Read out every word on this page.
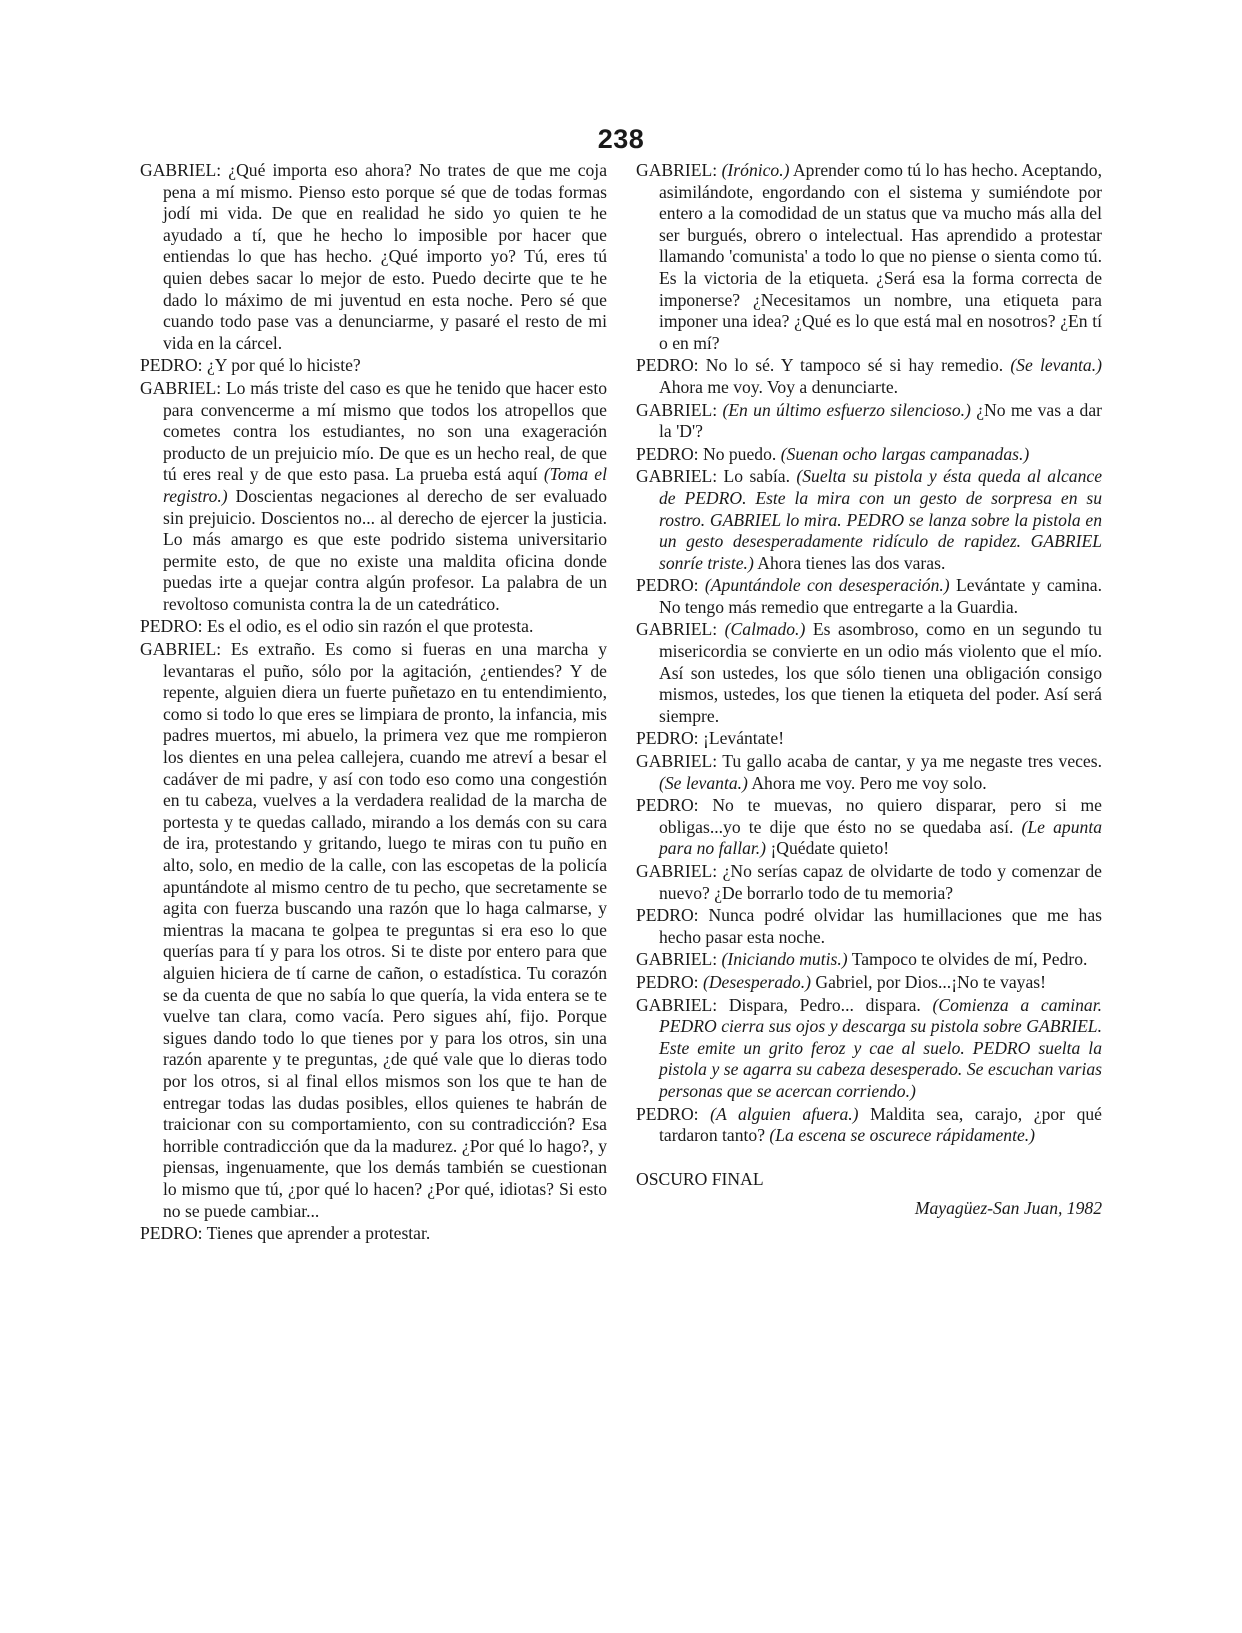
238

GABRIEL: ¿Qué importa eso ahora? No trates de que me coja pena a mí mismo. Pienso esto porque sé que de todas formas jodí mi vida. De que en realidad he sido yo quien te he ayudado a tí, que he hecho lo imposible por hacer que entiendas lo que has hecho. ¿Qué importo yo? Tú, eres tú quien debes sacar lo mejor de esto. Puedo decirte que te he dado lo máximo de mi juventud en esta noche. Pero sé que cuando todo pase vas a denunciarme, y pasaré el resto de mi vida en la cárcel.

PEDRO: ¿Y por qué lo hiciste?

GABRIEL: Lo más triste del caso es que he tenido que hacer esto para convencerme a mí mismo que todos los atropellos que cometes contra los estudiantes, no son una exageración producto de un prejuicio mío. De que es un hecho real, de que tú eres real y de que esto pasa. La prueba está aquí (Toma el registro.) Doscientas negaciones al derecho de ser evaluado sin prejuicio. Doscientos no... al derecho de ejercer la justicia. Lo más amargo es que este podrido sistema universitario permite esto, de que no existe una maldita oficina donde puedas irte a quejar contra algún profesor. La palabra de un revoltoso comunista contra la de un catedrático.

PEDRO: Es el odio, es el odio sin razón el que protesta.

GABRIEL: Es extraño. Es como si fueras en una marcha y levantaras el puño, sólo por la agitación, ¿entiendes? Y de repente, alguien diera un fuerte puñetazo en tu entendimiento, como si todo lo que eres se limpiara de pronto, la infancia, mis padres muertos, mi abuelo, la primera vez que me rompieron los dientes en una pelea callejera, cuando me atreví a besar el cadáver de mi padre, y así con todo eso como una congestión en tu cabeza, vuelves a la verdadera realidad de la marcha de portesta y te quedas callado, mirando a los demás con su cara de ira, protestando y gritando, luego te miras con tu puño en alto, solo, en medio de la calle, con las escopetas de la policía apuntándote al mismo centro de tu pecho, que secretamente se agita con fuerza buscando una razón que lo haga calmarse, y mientras la macana te golpea te preguntas si era eso lo que querías para tí y para los otros. Si te diste por entero para que alguien hiciera de tí carne de cañon, o estadística. Tu corazón se da cuenta de que no sabía lo que quería, la vida entera se te vuelve tan clara, como vacía. Pero sigues ahí, fijo. Porque sigues dando todo lo que tienes por y para los otros, sin una razón aparente y te preguntas, ¿de qué vale que lo dieras todo por los otros, si al final ellos mismos son los que te han de entregar todas las dudas posibles, ellos quienes te habrán de traicionar con su comportamiento, con su contradicción? Esa horrible contradicción que da la madurez. ¿Por qué lo hago?, y piensas, ingenuamente, que los demás también se cuestionan lo mismo que tú, ¿por qué lo hacen? ¿Por qué, idiotas? Si esto no se puede cambiar...

PEDRO: Tienes que aprender a protestar.

GABRIEL: (Irónico.) Aprender como tú lo has hecho. Aceptando, asimilándote, engordando con el sistema y sumiéndote por entero a la comodidad de un status que va mucho más alla del ser burgués, obrero o intelectual. Has aprendido a protestar llamando 'comunista' a todo lo que no piense o sienta como tú. Es la victoria de la etiqueta. ¿Será esa la forma correcta de imponerse? ¿Necesitamos un nombre, una etiqueta para imponer una idea? ¿Qué es lo que está mal en nosotros? ¿En tí o en mí?

PEDRO: No lo sé. Y tampoco sé si hay remedio. (Se levanta.) Ahora me voy. Voy a denunciarte.

GABRIEL: (En un último esfuerzo silencioso.) ¿No me vas a dar la 'D'?

PEDRO: No puedo. (Suenan ocho largas campanadas.)

GABRIEL: Lo sabía. (Suelta su pistola y ésta queda al alcance de PEDRO. Este la mira con un gesto de sorpresa en su rostro. GABRIEL lo mira. PEDRO se lanza sobre la pistola en un gesto desesperadamente ridículo de rapidez. GABRIEL sonríe triste.) Ahora tienes las dos varas.

PEDRO: (Apuntándole con desesperación.) Levántate y camina. No tengo más remedio que entregarte a la Guardia.

GABRIEL: (Calmado.) Es asombroso, como en un segundo tu misericordia se convierte en un odio más violento que el mío. Así son ustedes, los que sólo tienen una obligación consigo mismos, ustedes, los que tienen la etiqueta del poder. Así será siempre.

PEDRO: ¡Levántate!

GABRIEL: Tu gallo acaba de cantar, y ya me negaste tres veces. (Se levanta.) Ahora me voy. Pero me voy solo.

PEDRO: No te muevas, no quiero disparar, pero si me obligas...yo te dije que ésto no se quedaba así. (Le apunta para no fallar.) ¡Quédate quieto!

GABRIEL: ¿No serías capaz de olvidarte de todo y comenzar de nuevo? ¿De borrarlo todo de tu memoria?

PEDRO: Nunca podré olvidar las humillaciones que me has hecho pasar esta noche.

GABRIEL: (Iniciando mutis.) Tampoco te olvides de mí, Pedro.

PEDRO: (Desesperado.) Gabriel, por Dios...¡No te vayas!

GABRIEL: Dispara, Pedro... dispara. (Comienza a caminar. PEDRO cierra sus ojos y descarga su pistola sobre GABRIEL. Este emite un grito feroz y cae al suelo. PEDRO suelta la pistola y se agarra su cabeza desesperado. Se escuchan varias personas que se acercan corriendo.)

PEDRO: (A alguien afuera.) Maldita sea, carajo, ¿por qué tardaron tanto? (La escena se oscurece rápidamente.)

OSCURO FINAL

Mayagüez-San Juan, 1982
